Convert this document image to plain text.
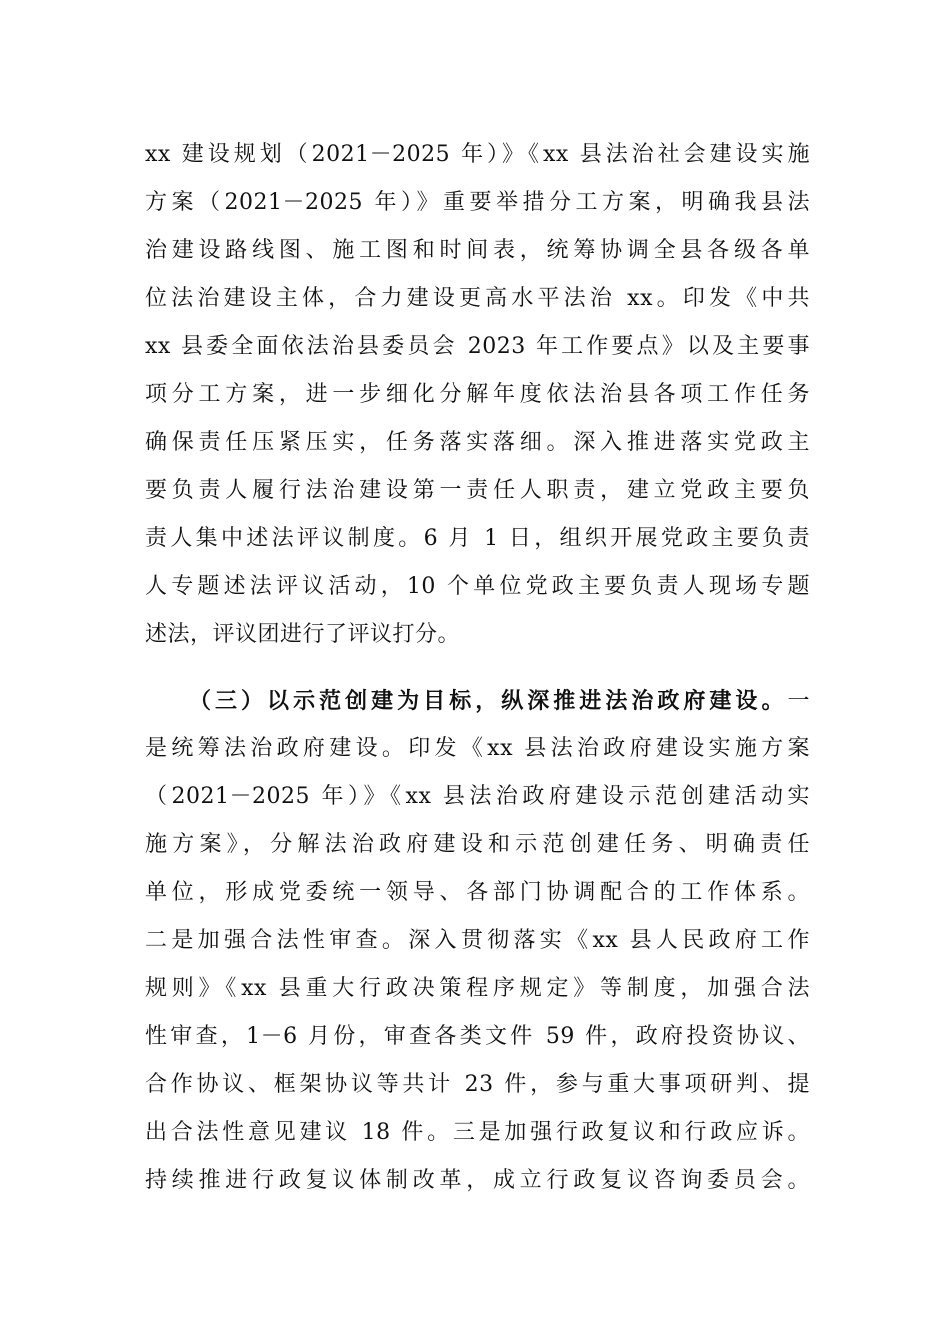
xx 建设规划（2021－2025 年）》《xx 县法治社会建设实施
方案（2021－2025 年）》重要举措分工方案，明确我县法
治建设路线图、施工图和时间表，统筹协调全县各级各单
位法治建设主体，合力建设更高水平法治 xx。印发《中共
xx 县委全面依法治县委员会 2023 年工作要点》以及主要事
项分工方案，进一步细化分解年度依法治县各项工作任务
确保责任压紧压实，任务落实落细。深入推进落实党政主
要负责人履行法治建设第一责任人职责，建立党政主要负
责人集中述法评议制度。6 月 1 日，组织开展党政主要负责
人专题述法评议活动，10 个单位党政主要负责人现场专题
述法，评议团进行了评议打分。
（三）以示范创建为目标，纵深推进法治政府建设。一
是统筹法治政府建设。印发《xx 县法治政府建设实施方案
（2021－2025 年）》《xx 县法治政府建设示范创建活动实
施方案》，分解法治政府建设和示范创建任务、明确责任
单位，形成党委统一领导、各部门协调配合的工作体系。
二是加强合法性审查。深入贯彻落实《xx 县人民政府工作
规则》《xx 县重大行政决策程序规定》等制度，加强合法
性审查，1－6 月份，审查各类文件 59 件，政府投资协议、
合作协议、框架协议等共计 23 件，参与重大事项研判、提
出合法性意见建议 18 件。三是加强行政复议和行政应诉。
持续推进行政复议体制改革，成立行政复议咨询委员会。
